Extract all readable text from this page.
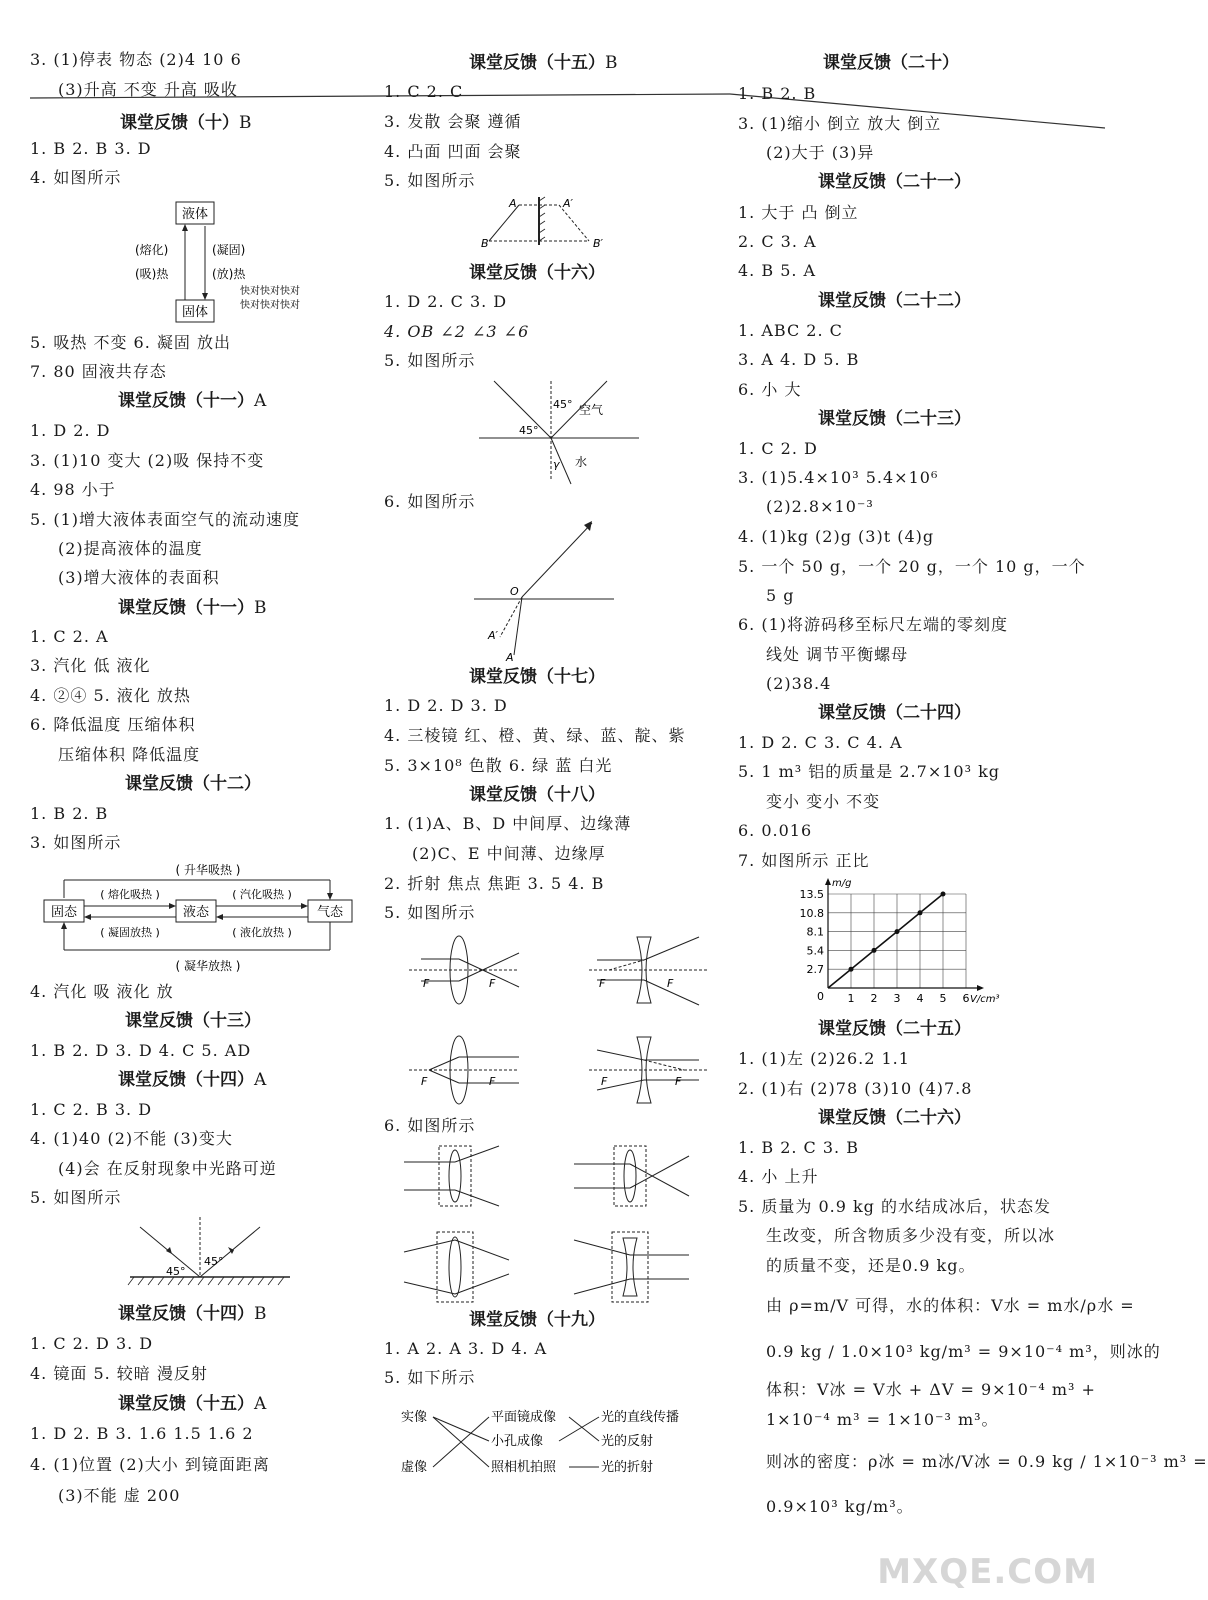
3. (1)停表 物态 (2)4 10 6
(3)升高 不变 升高 吸收
课堂反馈（十）B
1. B 2. B 3. D
4. 如图所示
液体
固体
(熔化)
(吸)热
(凝固)
(放)热
快对快对快对
快对快对快对
5. 吸热 不变 6. 凝固 放出
7. 80 固液共存态
课堂反馈（十一）A
1. D 2. D
3. (1)10 变大 (2)吸 保持不变
4. 98 小于
5. (1)增大液体表面空气的流动速度
(2)提高液体的温度
(3)增大液体的表面积
课堂反馈（十一）B
1. C 2. A
3. 汽化 低 液化
4. ②④ 5. 液化 放热
6. 降低温度 压缩体积
压缩体积 降低温度
课堂反馈（十二）
1. B 2. B
3. 如图所示
( 升华吸热 )
固态	液态	气态
( 熔化吸热 )
( 凝固放热 )
( 汽化吸热 )
( 液化放热 )
( 凝华放热 )
4. 汽化 吸 液化 放
课堂反馈（十三）
1. B 2. D 3. D 4. C 5. AD
课堂反馈（十四）A
1. C 2. B 3. D
4. (1)40 (2)不能 (3)变大
(4)会 在反射现象中光路可逆
5. 如图所示
45°
45°
课堂反馈（十四）B
1. C 2. D 3. D
4. 镜面 5. 较暗 漫反射
课堂反馈（十五）A
1. D 2. B 3. 1.6 1.5 1.6 2
4. (1)位置 (2)大小 到镜面距离
(3)不能 虚 200
课堂反馈（十五）B
1. C 2. C
3. 发散 会聚 遵循
4. 凸面 凹面 会聚
5. 如图所示
A
B
A′
B′
课堂反馈（十六）
1. D 2. C 3. D
4. OB ∠2 ∠3 ∠6
5. 如图所示
45°
45°
空气
水
γ
6. 如图所示
O
A
A′
课堂反馈（十七）
1. D 2. D 3. D
4. 三棱镜 红、橙、黄、绿、蓝、靛、紫
5. 3×10⁸ 色散 6. 绿 蓝 白光
课堂反馈（十八）
1. (1)A、B、D 中间厚、边缘薄
(2)C、E 中间薄、边缘厚
2. 折射 焦点 焦距 3. 5 4. B
5. 如图所示
F	F	F	F
F	F	F	F
6. 如图所示
课堂反馈（十九）
1. A 2. A 3. D 4. A
5. 如下所示
实像
虚像
平面镜成像
小孔成像
照相机拍照
光的直线传播
光的反射
光的折射
课堂反馈（二十）
1. B 2. B
3. (1)缩小 倒立 放大 倒立
(2)大于 (3)异
课堂反馈（二十一）
1. 大于 凸 倒立
2. C 3. A
4. B 5. A
课堂反馈（二十二）
1. ABC 2. C
3. A 4. D 5. B
6. 小 大
课堂反馈（二十三）
1. C 2. D
3. (1)5.4×10³ 5.4×10⁶
(2)2.8×10⁻³
4. (1)kg (2)g (3)t (4)g
5. 一个 50 g，一个 20 g，一个 10 g，一个
5 g
6. (1)将游码移至标尺左端的零刻度
线处 调节平衡螺母
(2)38.4
课堂反馈（二十四）
1. D 2. C 3. C 4. A
5. 1 m³ 铝的质量是 2.7×10³ kg
变小 变小 不变
6. 0.016
7. 如图所示 正比
1 2 3 4 5 6
2.7
5.4
8.1
10.8
13.5
0	V/cm³
m/g
课堂反馈（二十五）
1. (1)左 (2)26.2 1.1
2. (1)右 (2)78 (3)10 (4)7.8
课堂反馈（二十六）
1. B 2. C 3. B
4. 小 上升
5. 质量为 0.9 kg 的水结成冰后，状态发
生改变，所含物质多少没有变，所以冰
的质量不变，还是0.9 kg。
由 ρ=m/V 可得，水的体积：V水 = m水/ρ水 =
0.9 kg / 1.0×10³ kg/m³ = 9×10⁻⁴ m³，则冰的
体积：V冰 = V水 + ΔV = 9×10⁻⁴ m³ +
1×10⁻⁴ m³ = 1×10⁻³ m³。
则冰的密度：ρ冰 = m冰/V冰 = 0.9 kg / 1×10⁻³ m³ =
0.9×10³ kg/m³。
MXQE.COM
